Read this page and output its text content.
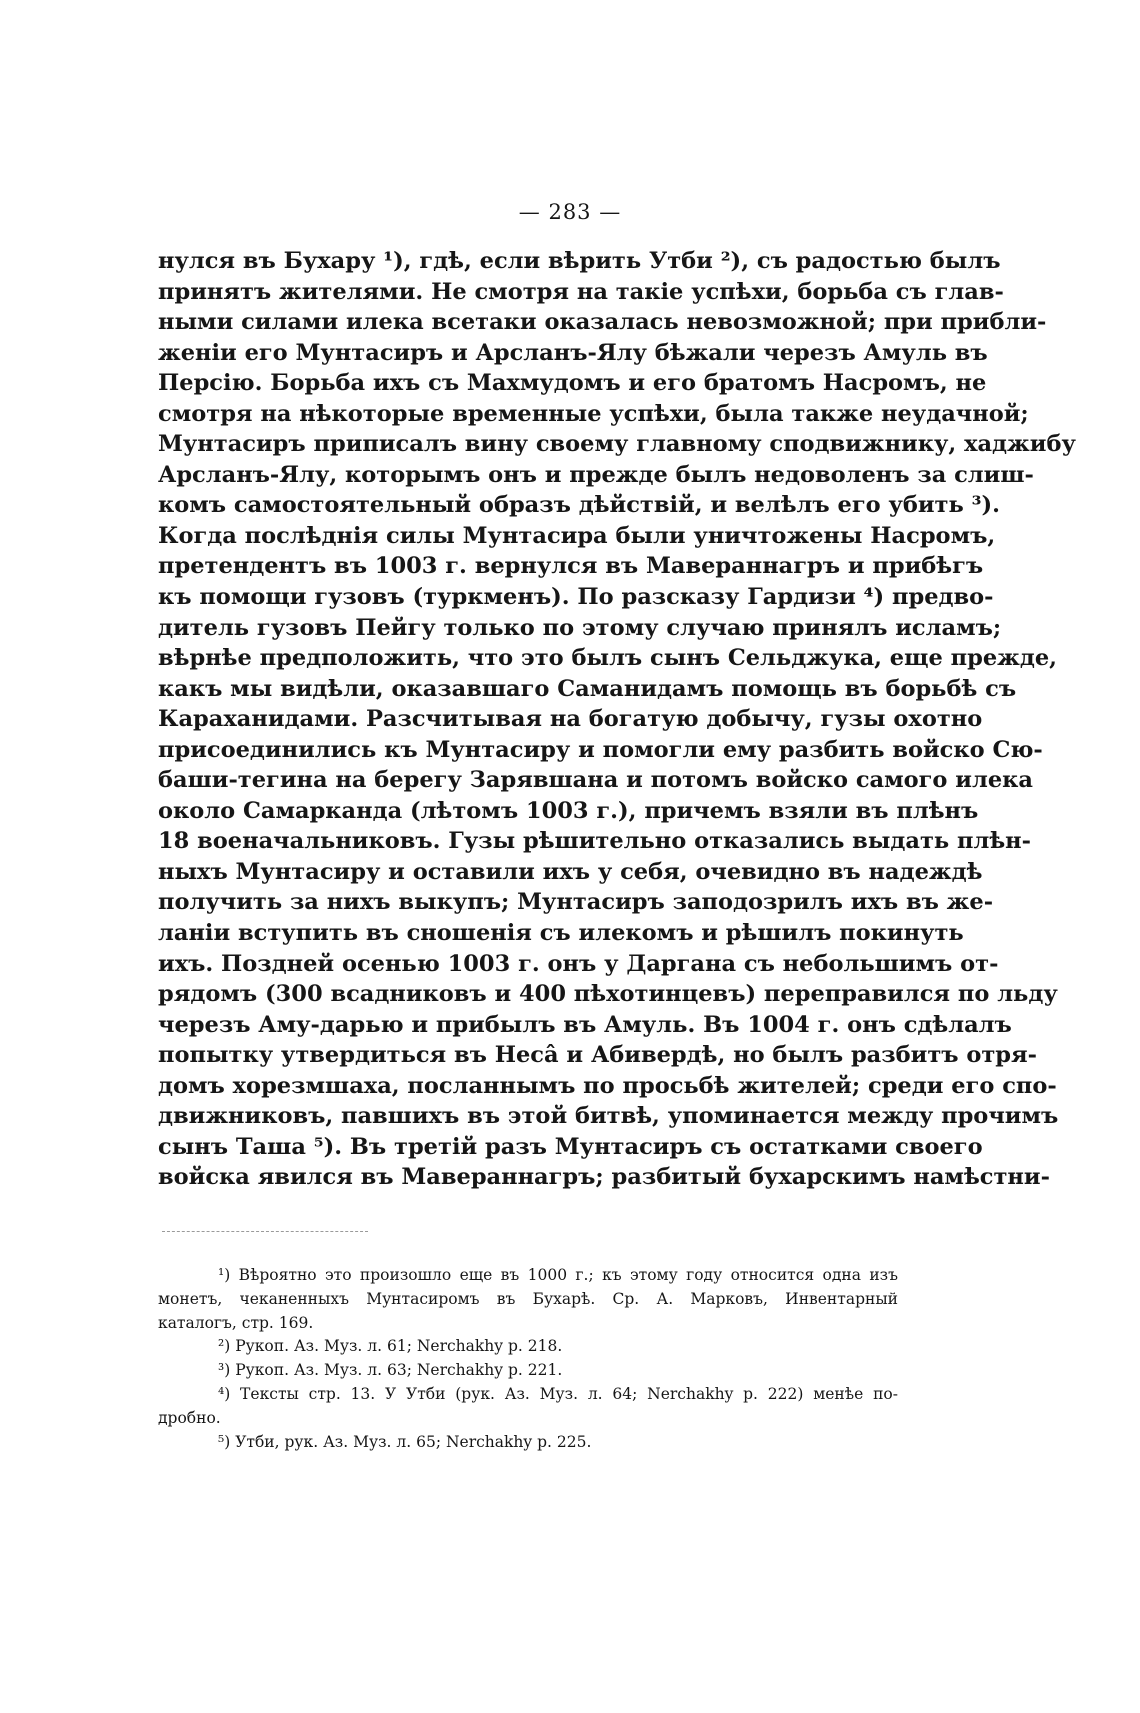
— 283 —
нулся въ Бухару ¹), гдѣ, если вѣрить Утби ²), съ радостью былъ
принятъ жителями. Не смотря на такіе успѣхи, борьба съ глав-
ными силами илека всетаки оказалась невозможной; при прибли-
женіи его Мунтасиръ и Арсланъ-Ялу бѣжали черезъ Амуль въ
Персію. Борьба ихъ съ Махмудомъ и его братомъ Насромъ, не
смотря на нѣкоторые временные успѣхи, была также неудачной;
Мунтасиръ приписалъ вину своему главному сподвижнику, хаджибу
Арсланъ-Ялу, которымъ онъ и прежде былъ недоволенъ за слиш-
комъ самостоятельный образъ дѣйствій, и велѣлъ его убить ³).
Когда послѣднія силы Мунтасира были уничтожены Насромъ,
претендентъ въ 1003 г. вернулся въ Мавераннагръ и прибѣгъ
къ помощи гузовъ (туркменъ). По разсказу Гардизи ⁴) предво-
дитель гузовъ Пейгу только по этому случаю принялъ исламъ;
вѣрнѣе предположить, что это былъ сынъ Сельджука, еще прежде,
какъ мы видѣли, оказавшаго Саманидамъ помощь въ борьбѣ съ
Караханидами. Разсчитывая на богатую добычу, гузы охотно
присоединились къ Мунтасиру и помогли ему разбить войско Сю-
баши-тегина на берегу Зарявшана и потомъ войско самого илека
около Самарканда (лѣтомъ 1003 г.), причемъ взяли въ плѣнъ
18 военачальниковъ. Гузы рѣшительно отказались выдать плѣн-
ныхъ Мунтасиру и оставили ихъ у себя, очевидно въ надеждѣ
получить за нихъ выкупъ; Мунтасиръ заподозрилъ ихъ въ же-
ланіи вступить въ сношенія съ илекомъ и рѣшилъ покинуть
ихъ. Поздней осенью 1003 г. онъ у Даргана съ небольшимъ от-
рядомъ (300 всадниковъ и 400 пѣхотинцевъ) переправился по льду
черезъ Аму-дарью и прибылъ въ Амуль. Въ 1004 г. онъ сдѣлалъ
попытку утвердиться въ Несâ и Абивердѣ, но былъ разбитъ отря-
домъ хорезмшаха, посланнымъ по просьбѣ жителей; среди его спо-
движниковъ, павшихъ въ этой битвѣ, упоминается между прочимъ
сынъ Таша ⁵). Въ третій разъ Мунтасиръ съ остатками своего
войска явился въ Мавераннагръ; разбитый бухарскимъ намѣстни-
¹) Вѣроятно это произошло еще въ 1000 г.; къ этому году относится одна изъ
монетъ, чеканенныхъ Мунтасиромъ въ Бухарѣ. Ср. А. Марковъ, Инвентарный
каталогъ, стр. 169.
²) Рукоп. Аз. Муз. л. 61; Nerchakhy p. 218.
³) Рукоп. Аз. Муз. л. 63; Nerchakhy p. 221.
⁴) Тексты стр. 13. У Утби (рук. Аз. Муз. л. 64; Nerchakhy p. 222) менѣе по-
дробно.
⁵) Утби, рук. Аз. Муз. л. 65; Nerchakhy p. 225.
